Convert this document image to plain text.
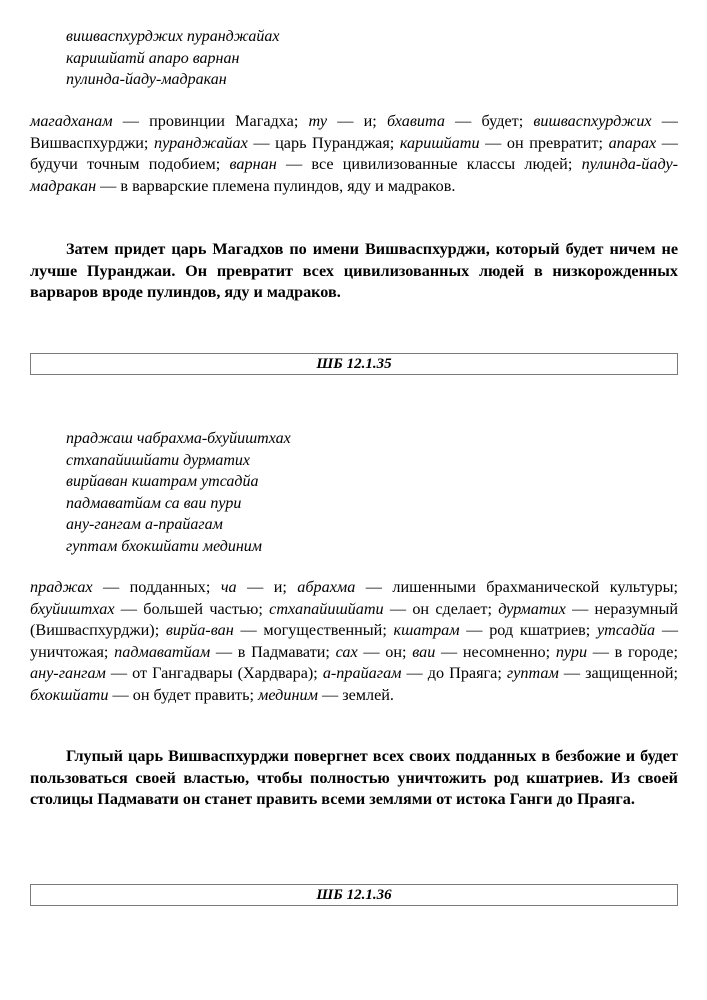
вишваспхурджих пуранджайах
каришйатй апаро варнан
пулинда-йаду-мадракан
магадханам — провинции Магадха; ту — и; бхавита — будет; вишваспхурджих — Вишваспхурджи; пуранджайах — царь Пуранджая; каришйати — он превратит; апарах — будучи точным подобием; варнан — все цивилизованные классы людей; пулинда-йаду- мадракан — в варварские племена пулиндов, яду и мадраков.
Затем придет царь Магадхов по имени Вишваспхурджи, который будет ничем не лучше Пуранджаи. Он превратит всех цивилизованных людей в низкорожденных варваров вроде пулиндов, яду и мадраков.
ШБ 12.1.35
праджаш чабрахма-бхуйиштхах
стхапайишйати дурматих
вирйаван кшатрам утсадйа
падмаватйам са ваи пури
ану-гангам а-прайагам
гуптам бхокшйати мединим
праджах — подданных; ча — и; абрахма — лишенными брахманической культуры; бхуйиштхах — большей частью; стхапайишйати — он сделает; дурматих — неразумный (Вишваспхурджи); вирйа-ван — могущественный; кшатрам — род кшатриев; утсадйа — уничтожая; падмаватйам — в Падмавати; сах — он; ваи — несомненно; пури — в городе; ану-гангам — от Гангадвары (Хардвара); а-прайагам — до Праяга; гуптам — защищенной; бхокшйати — он будет править; мединим — землей.
Глупый царь Вишваспхурджи повергнет всех своих подданных в безбожие и будет пользоваться своей властью, чтобы полностью уничтожить род кшатриев. Из своей столицы Падмавати он станет править всеми землями от истока Ганги до Праяга.
ШБ 12.1.36
